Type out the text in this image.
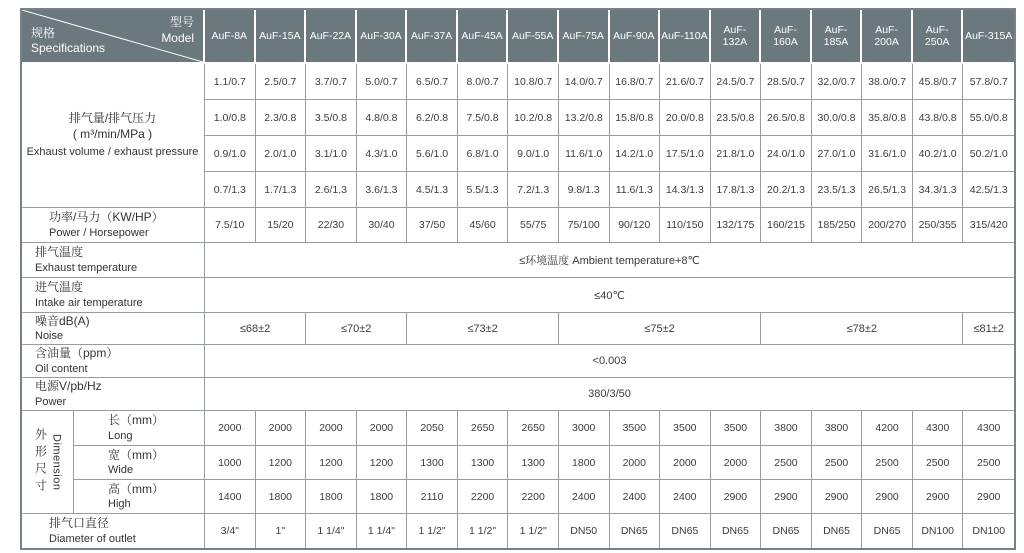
型号
Model
规格
Specifications		AuF-8A	AuF-15A	AuF-22A	AuF-30A	AuF-37A	AuF-45A	AuF-55A	AuF-75A	AuF-90A	AuF-110A	AuF-132A	AuF-160A	AuF-185A	AuF-200A	AuF-250A	AuF-315A

排气量/排气压力
( m³/min/MPa )
Exhaust volume / exhaust pressure		1.1/0.7	2.5/0.7	3.7/0.7	5.0/0.7	6.5/0.7	8.0/0.7	10.8/0.7	14.0/0.7	16.8/0.7	21.6/0.7	24.5/0.7	28.5/0.7	32.0/0.7	38.0/0.7	45.8/0.7	57.8/0.7
		1.0/0.8	2.3/0.8	3.5/0.8	4.8/0.8	6.2/0.8	7.5/0.8	10.2/0.8	13.2/0.8	15.8/0.8	20.0/0.8	23.5/0.8	26.5/0.8	30.0/0.8	35.8/0.8	43.8/0.8	55.0/0.8
		0.9/1.0	2.0/1.0	3.1/1.0	4.3/1.0	5.6/1.0	6.8/1.0	9.0/1.0	11.6/1.0	14.2/1.0	17.5/1.0	21.8/1.0	24.0/1.0	27.0/1.0	31.6/1.0	40.2/1.0	50.2/1.0
		0.7/1.3	1.7/1.3	2.6/1.3	3.6/1.3	4.5/1.3	5.5/1.3	7.2/1.3	9.8/1.3	11.6/1.3	14.3/1.3	17.8/1.3	20.2/1.3	23.5/1.3	26.5/1.3	34.3/1.3	42.5/1.3

功率/马力（KW/HP）
Power / Horsepower		7.5/10	15/20	22/30	30/40	37/50	45/60	55/75	75/100	90/120	110/150	132/175	160/215	185/250	200/270	250/355	315/420

排气温度
Exhaust temperature		≤环境温度 Ambient temperature+8℃															

进气温度
Intake air temperature		≤40℃															

噪音dB(A)
Noise		≤68±2		≤70±2		≤73±2			≤75±2				≤78±2				≤81±2

含油量（ppm）
Oil content		<0.003															

电源V/pb/Hz
Power		380/3/50															

外形尺寸 Dimension

长（mm）
Long
	2000	2000	2000	2000	2050	2650	2650	3000	3500	3500	3500	3800	3800	4200	4300	4300

	宽（mm）
Wide	1000	1200	1200	1200	1300	1300	1300	1800	2000	2000	2000	2500	2500	2500	2500	2500

	高（mm）
High	1400	1800	1800	1800	2110	2200	2200	2400	2400	2400	2900	2900	2900	2900	2900	2900

排气口直径
Diameter of outlet		3/4"	1"	1 1/4"	1 1/4"	1 1/2"	1 1/2"	1 1/2"	DN50	DN65	DN65	DN65	DN65	DN65	DN65	DN100	DN100
